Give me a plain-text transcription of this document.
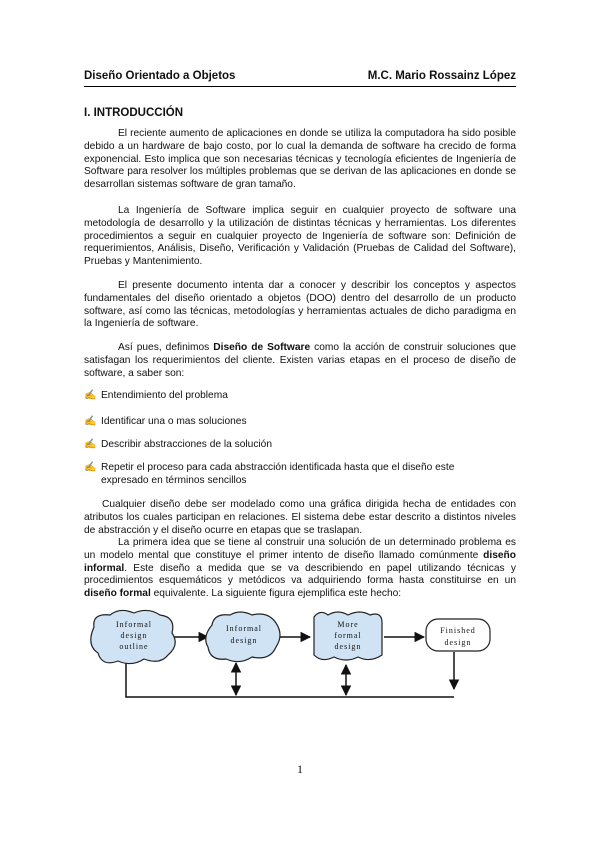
Diseño Orientado a Objetos	M.C. Mario Rossainz López
I. INTRODUCCIÓN

El reciente aumento de aplicaciones en donde se utiliza la computadora ha sido posible debido a un hardware de bajo costo, por lo cual la demanda de software ha crecido de forma exponencial. Esto implica que son necesarias técnicas y tecnología eficientes de Ingeniería de Software para resolver los múltiples problemas que se derivan de las aplicaciones en donde se desarrollan sistemas software de gran tamaño.

La Ingeniería de Software implica seguir en cualquier proyecto de software una metodología de desarrollo y la utilización de distintas técnicas y herramientas. Los diferentes procedimientos a seguir en cualquier proyecto de Ingeniería de software son: Definición de requerimientos, Análisis, Diseño, Verificación y Validación (Pruebas de Calidad del Software), Pruebas y Mantenimiento.

El presente documento intenta dar a conocer y describir los conceptos y aspectos fundamentales del diseño orientado a objetos (DOO) dentro del desarrollo de un producto software, así como las técnicas, metodologías y herramientas actuales de dicho paradigma en la Ingeniería de software.

Así pues, definimos Diseño de Software como la acción de construir soluciones que satisfagan los requerimientos del cliente. Existen varias etapas en el proceso de diseño de software, a saber son:

✍ Entendimiento del problema
✍ Identificar una o mas soluciones
✍ Describir abstracciones de la solución
✍ Repetir el proceso para cada abstracción identificada hasta que el diseño este expresado en términos sencillos

Cualquier diseño debe ser modelado como una gráfica dirigida hecha de entidades con atributos los cuales participan en relaciones. El sistema debe estar descrito a distintos niveles de abstracción y el diseño ocurre en etapas que se traslapan.

La primera idea que se tiene al construir una solución de un determinado problema es un modelo mental que constituye el primer intento de diseño llamado comúnmente diseño informal. Este diseño a medida que se va describiendo en papel utilizando técnicas y procedimientos esquemáticos y metódicos va adquiriendo forma hasta constituirse en un diseño formal equivalente. La siguiente figura ejemplifica este hecho:

Informal
design
outline
Informal
design
More
formal
design
Finished
design
1
